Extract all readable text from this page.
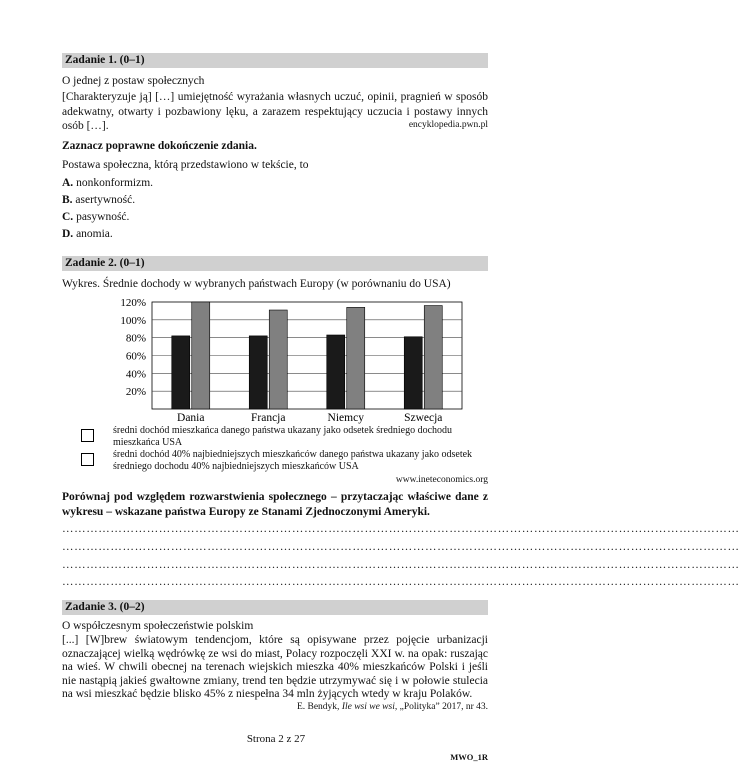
Zadanie 1. (0–1)
O jednej z postaw społecznych
[Charakteryzuje ją] […] umiejętność wyrażania własnych uczuć, opinii, pragnień w sposób adekwatny, otwarty i pozbawiony lęku, a zarazem respektujący uczucia i postawy innych osób […].	encyklopedia.pwn.pl
Zaznacz poprawne dokończenie zdania.
Postawa społeczna, którą przedstawiono w tekście, to
A. nonkonformizm.
B. asertywność.
C. pasywność.
D. anomia.
Zadanie 2. (0–1)
Wykres. Średnie dochody w wybranych państwach Europy (w porównaniu do USA)
20%
40%
60%
80%
100%
120%
Dania	Francja	Niemcy	Szwecja
średni dochód mieszkańca danego państwa ukazany jako odsetek średniego dochodu mieszkańca USA
średni dochód 40% najbiedniejszych mieszkańców danego państwa ukazany jako odsetek średniego dochodu 40% najbiedniejszych mieszkańców USA
www.ineteconomics.org
Porównaj pod względem rozwarstwienia społecznego – przytaczając właściwe dane z wykresu – wskazane państwa Europy ze Stanami Zjednoczonymi Ameryki.
……………………………………………………………………………………………………………………………………………………
……………………………………………………………………………………………………………………………………………………
……………………………………………………………………………………………………………………………………………………
……………………………………………………………………………………………………………………………………………………
Zadanie 3. (0–2)
O współczesnym społeczeństwie polskim
[...] [W]brew światowym tendencjom, które są opisywane przez pojęcie urbanizacji oznaczającej wielką wędrówkę ze wsi do miast, Polacy rozpoczęli XXI w. na opak: ruszając na wieś. W chwili obecnej na terenach wiejskich mieszka 40% mieszkańców Polski i jeśli nie nastąpią jakieś gwałtowne zmiany, trend ten będzie utrzymywać się i w połowie stulecia na wsi mieszkać będzie blisko 45% z niespełna 34 mln żyjących wtedy w kraju Polaków.
E. Bendyk, Ile wsi we wsi, „Polityka” 2017, nr 43.
Strona 2 z 27
MWO_1R
